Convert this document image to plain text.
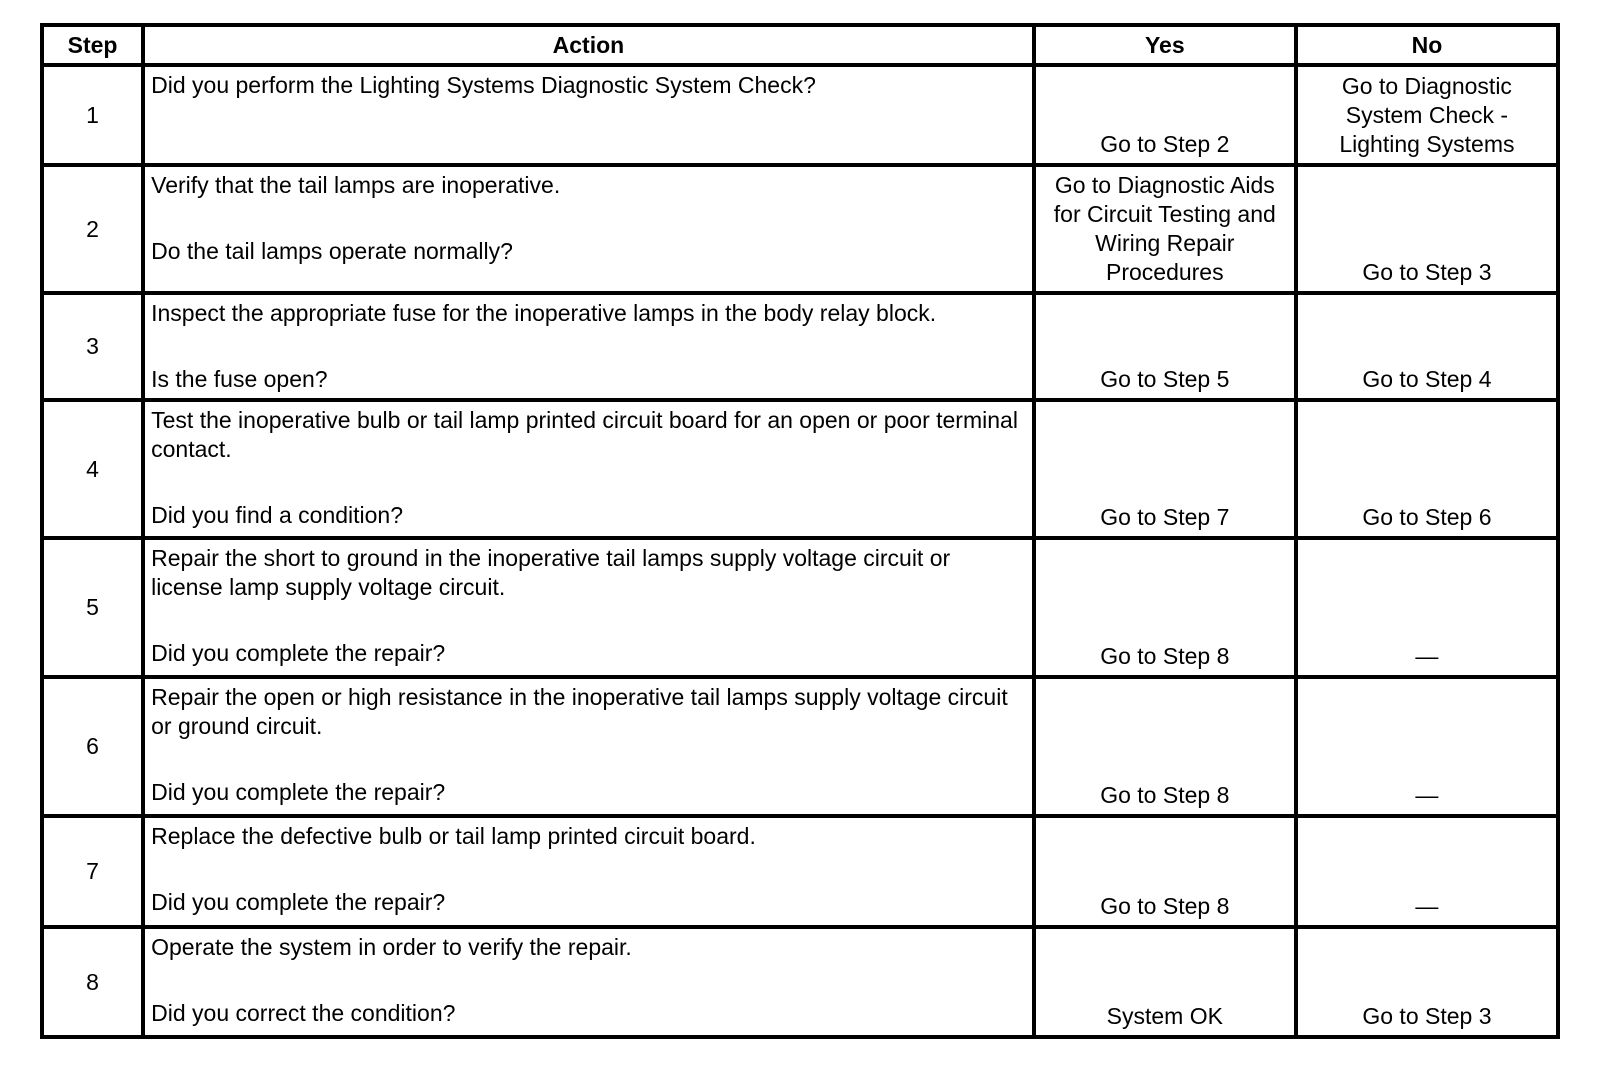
Step	Action	Yes	No
1	Did you perform the Lighting Systems Diagnostic System Check?	Go to Step 2	Go to Diagnostic System Check - Lighting Systems

2	Verify that the tail lamps are inoperative.
Do the tail lamps operate normally?	Go to Diagnostic Aids for Circuit Testing and Wiring Repair Procedures	Go to Step 3

3	Inspect the appropriate fuse for the inoperative lamps in the body relay block.
Is the fuse open?	Go to Step 5	Go to Step 4

4	Test the inoperative bulb or tail lamp printed circuit board for an open or poor terminal contact.
Did you find a condition?	Go to Step 7	Go to Step 6

5	Repair the short to ground in the inoperative tail lamps supply voltage circuit or license lamp supply voltage circuit.
Did you complete the repair?	Go to Step 8	—

6	Repair the open or high resistance in the inoperative tail lamps supply voltage circuit or ground circuit.
Did you complete the repair?	Go to Step 8	—

7	Replace the defective bulb or tail lamp printed circuit board.
Did you complete the repair?	Go to Step 8	—

8	Operate the system in order to verify the repair.
Did you correct the condition?	System OK	Go to Step 3
